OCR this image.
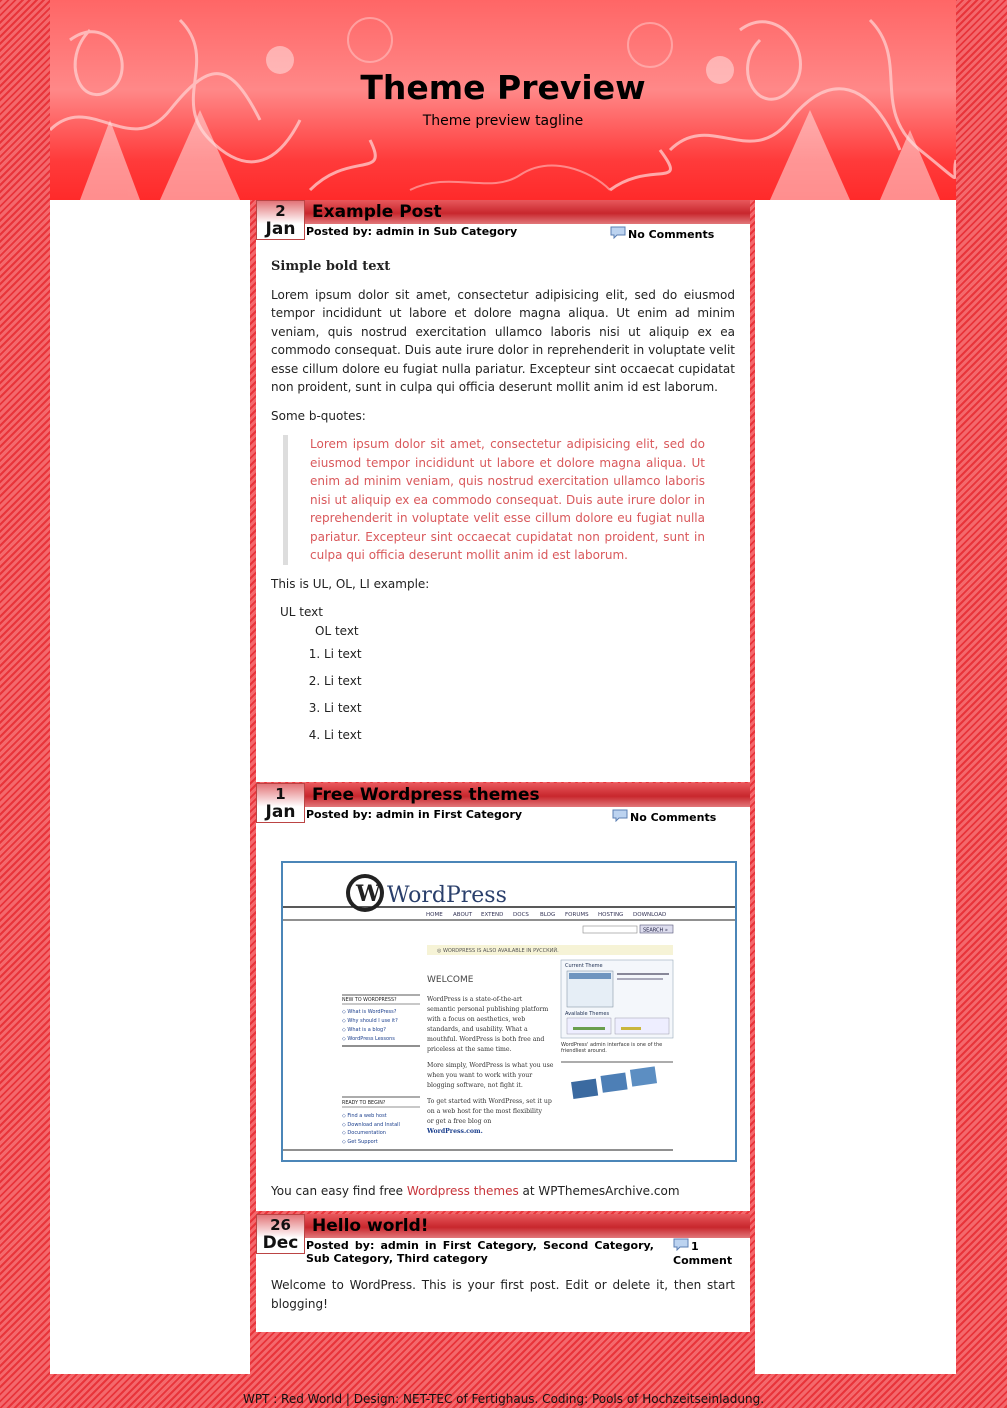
Theme Preview
Theme preview tagline
2
Jan
Example Post
Posted by: admin in Sub Category	No Comments
Simple bold text

Lorem ipsum dolor sit amet, consectetur adipisicing elit, sed do eiusmod tempor incididunt ut labore et dolore magna aliqua. Ut enim ad minim veniam, quis nostrud exercitation ullamco laboris nisi ut aliquip ex ea commodo consequat. Duis aute irure dolor in reprehenderit in voluptate velit esse cillum dolore eu fugiat nulla pariatur. Excepteur sint occaecat cupidatat non proident, sunt in culpa qui officia deserunt mollit anim id est laborum.

Some b-quotes:

Lorem ipsum dolor sit amet, consectetur adipisicing elit, sed do eiusmod tempor incididunt ut labore et dolore magna aliqua. Ut enim ad minim veniam, quis nostrud exercitation ullamco laboris nisi ut aliquip ex ea commodo consequat. Duis aute irure dolor in reprehenderit in voluptate velit esse cillum dolore eu fugiat nulla pariatur. Excepteur sint occaecat cupidatat non proident, sunt in culpa qui officia deserunt mollit anim id est laborum.

This is UL, OL, LI example:

UL text
OL text
1. Li text
2. Li text
3. Li text
4. Li text
1
Jan
Free Wordpress themes
Posted by: admin in First Category	No Comments
W WordPress
HOME ABOUT EXTEND DOCS BLOG FORUMS HOSTING DOWNLOAD
SEARCH »
◎ WORDPRESS IS ALSO AVAILABLE IN РУССКИЙ.
WELCOME
NEW TO WORDPRESS?
◇ What is WordPress?
◇ Why should I use it?
◇ What is a blog?
◇ WordPress Lessons
READY TO BEGIN?
◇ Find a web host
◇ Download and Install
◇ Documentation
◇ Get Support
WordPress is a state-of-the-art
semantic personal publishing platform
with a focus on aesthetics, web
standards, and usability. What a
mouthful. WordPress is both free and
priceless at the same time.
More simply, WordPress is what you use
when you want to work with your
blogging software, not fight it.
To get started with WordPress, set it up
on a web host for the most flexibility
or get a free blog on
WordPress.com.
Current Theme
Available Themes
WordPress' admin interface is one of the
friendliest around.

You can easy find free Wordpress themes at WPThemesArchive.com

26
Dec
Hello world!
Posted by: admin in First Category, Second Category, Sub Category, Third category
1
Comment

Welcome to WordPress. This is your first post. Edit or delete it, then start blogging!

WPT : Red World | Design: NET-TEC of Fertighaus. Coding: Pools of Hochzeitseinladung.
